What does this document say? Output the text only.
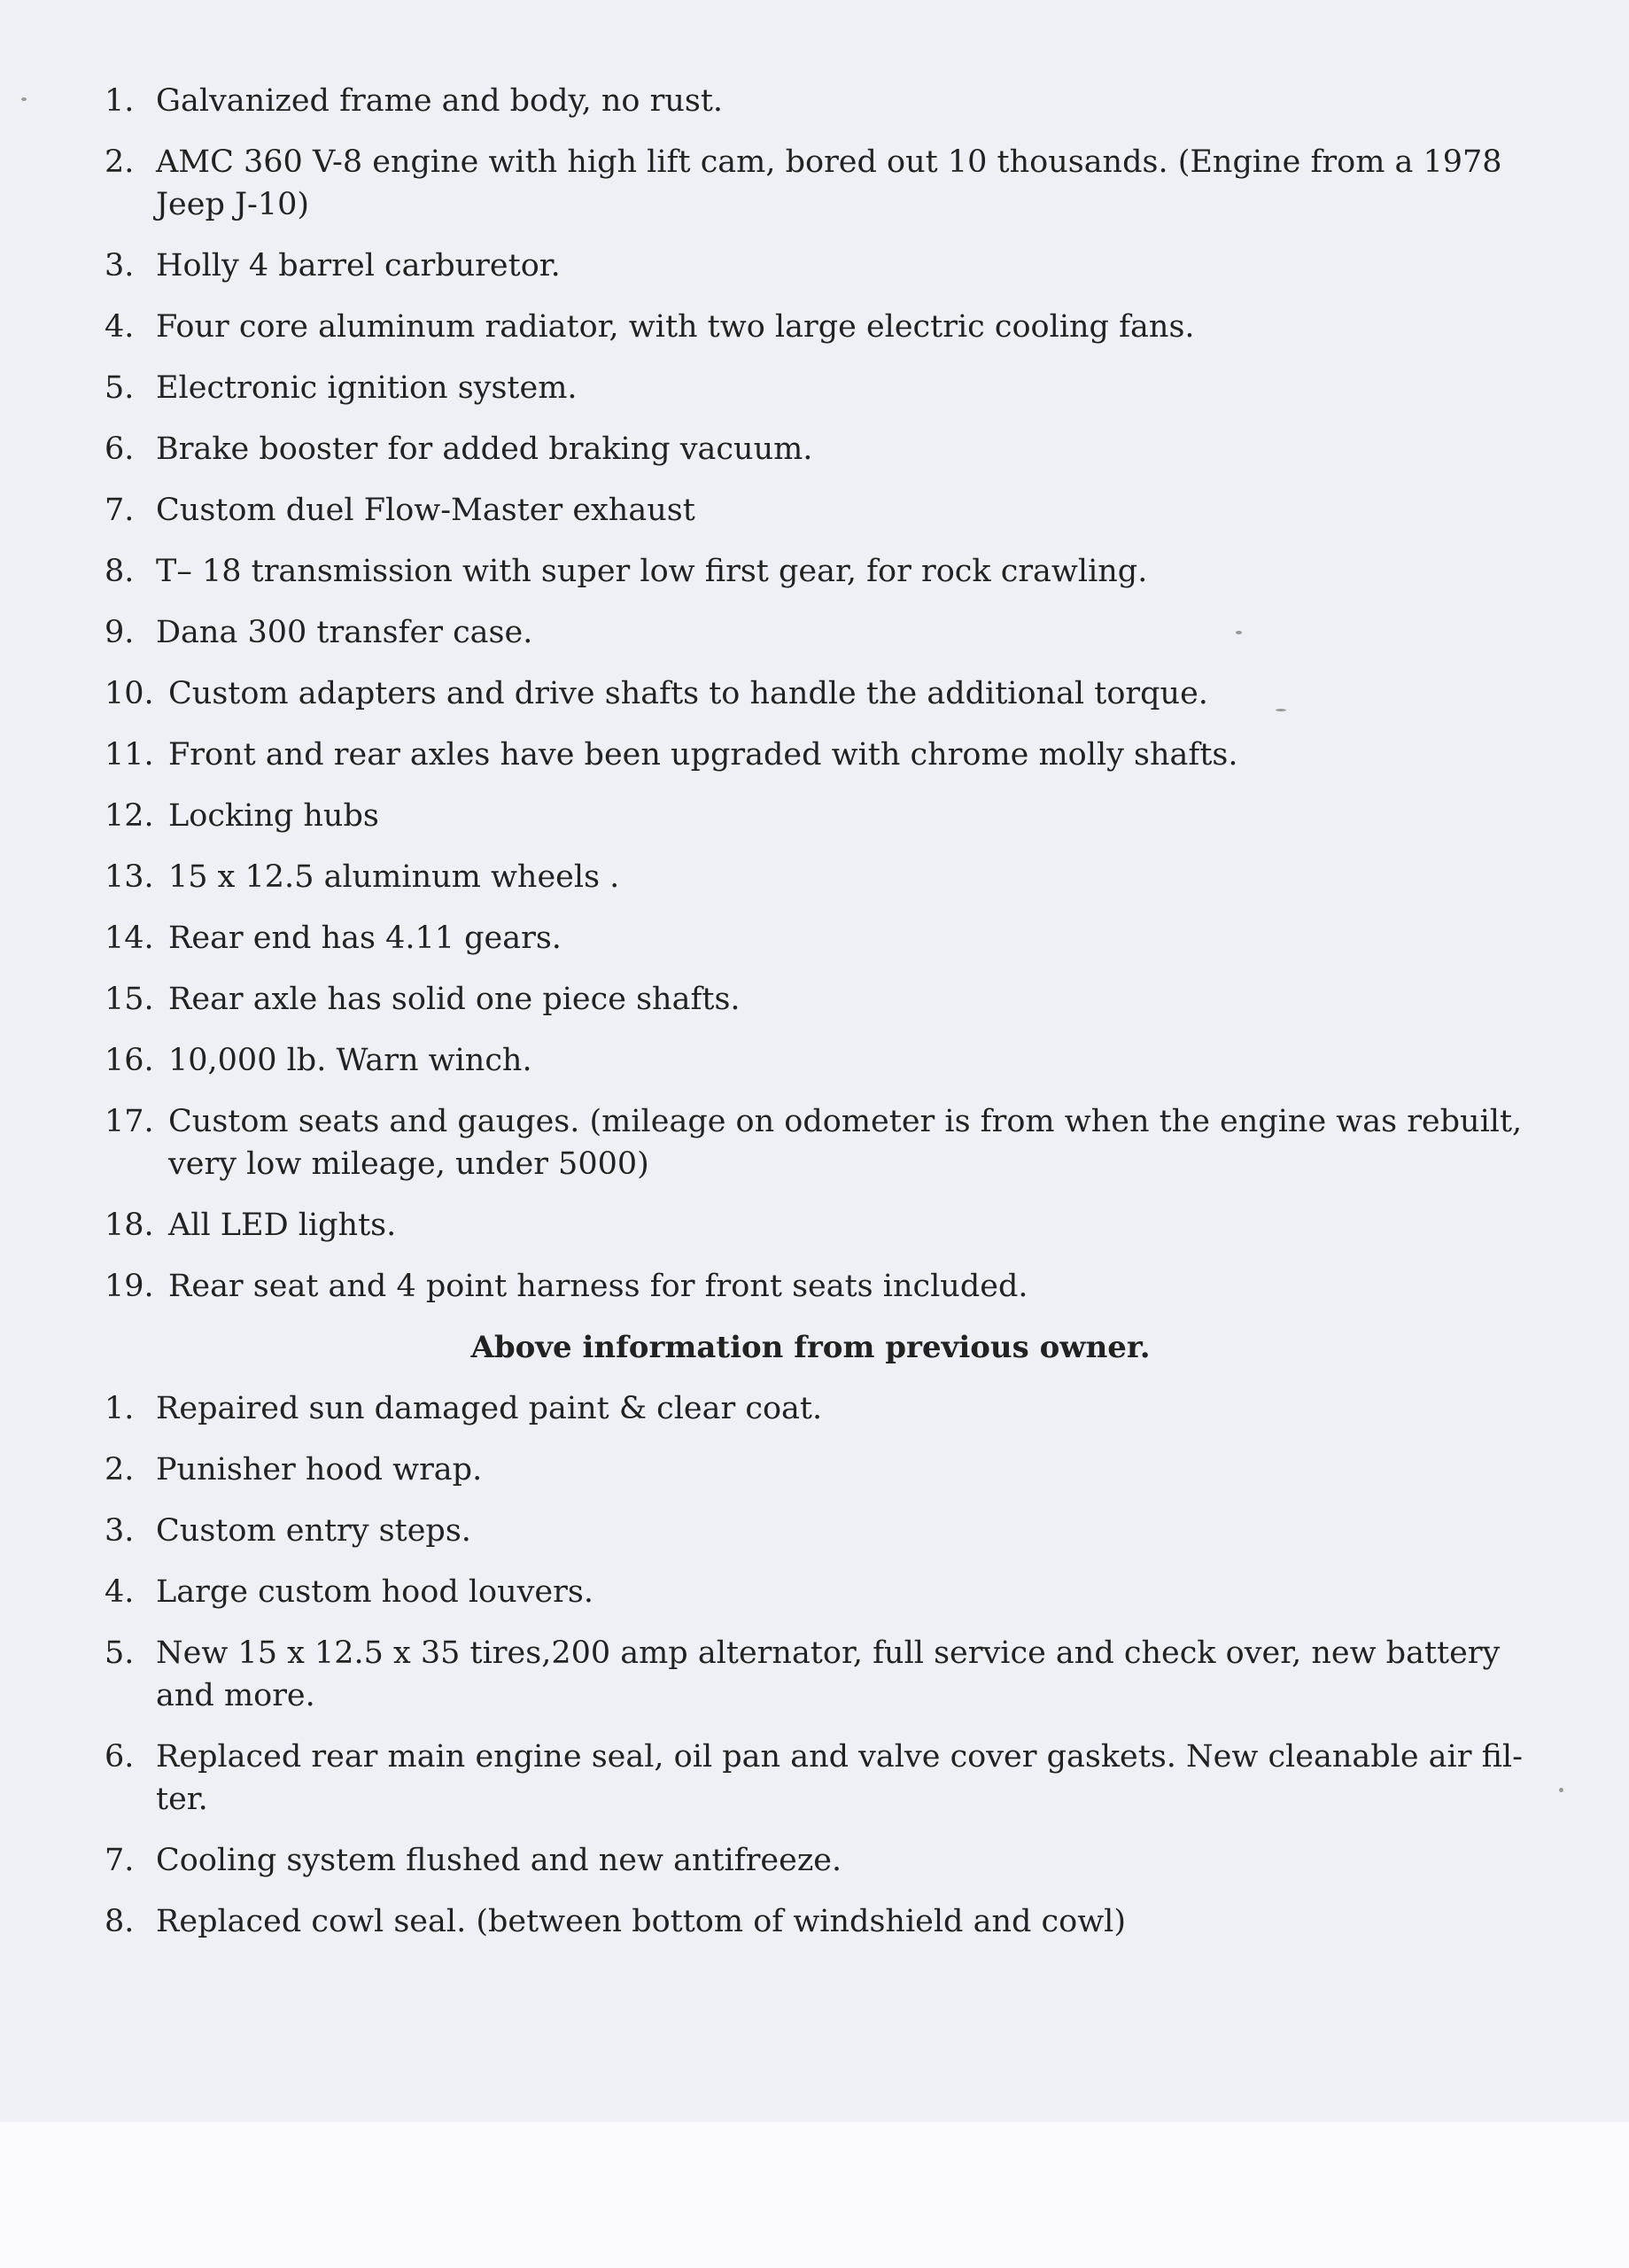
1. Galvanized frame and body, no rust.
2. AMC 360 V-8 engine with high lift cam, bored out 10 thousands. (Engine from a 1978 Jeep J-10)
3. Holly 4 barrel carburetor.
4. Four core aluminum radiator, with two large electric cooling fans.
5. Electronic ignition system.
6. Brake booster for added braking vacuum.
7. Custom duel Flow-Master exhaust
8. T– 18 transmission with super low first gear, for rock crawling.
9. Dana 300 transfer case.
10. Custom adapters and drive shafts to handle the additional torque.
11. Front and rear axles have been upgraded with chrome molly shafts.
12. Locking hubs
13. 15 x 12.5 aluminum wheels .
14. Rear end has 4.11 gears.
15. Rear axle has solid one piece shafts.
16. 10,000 lb. Warn winch.
17. Custom seats and gauges. (mileage on odometer is from when the engine was rebuilt, very low mileage, under 5000)
18. All LED lights.
19. Rear seat and 4 point harness for front seats included.
Above information from previous owner.
1. Repaired sun damaged paint & clear coat.
2. Punisher hood wrap.
3. Custom entry steps.
4. Large custom hood louvers.
5. New 15 x 12.5 x 35 tires,200 amp alternator, full service and check over, new battery and more.
6. Replaced rear main engine seal, oil pan and valve cover gaskets. New cleanable air fil-ter.
7. Cooling system flushed and new antifreeze.
8. Replaced cowl seal. (between bottom of windshield and cowl)
